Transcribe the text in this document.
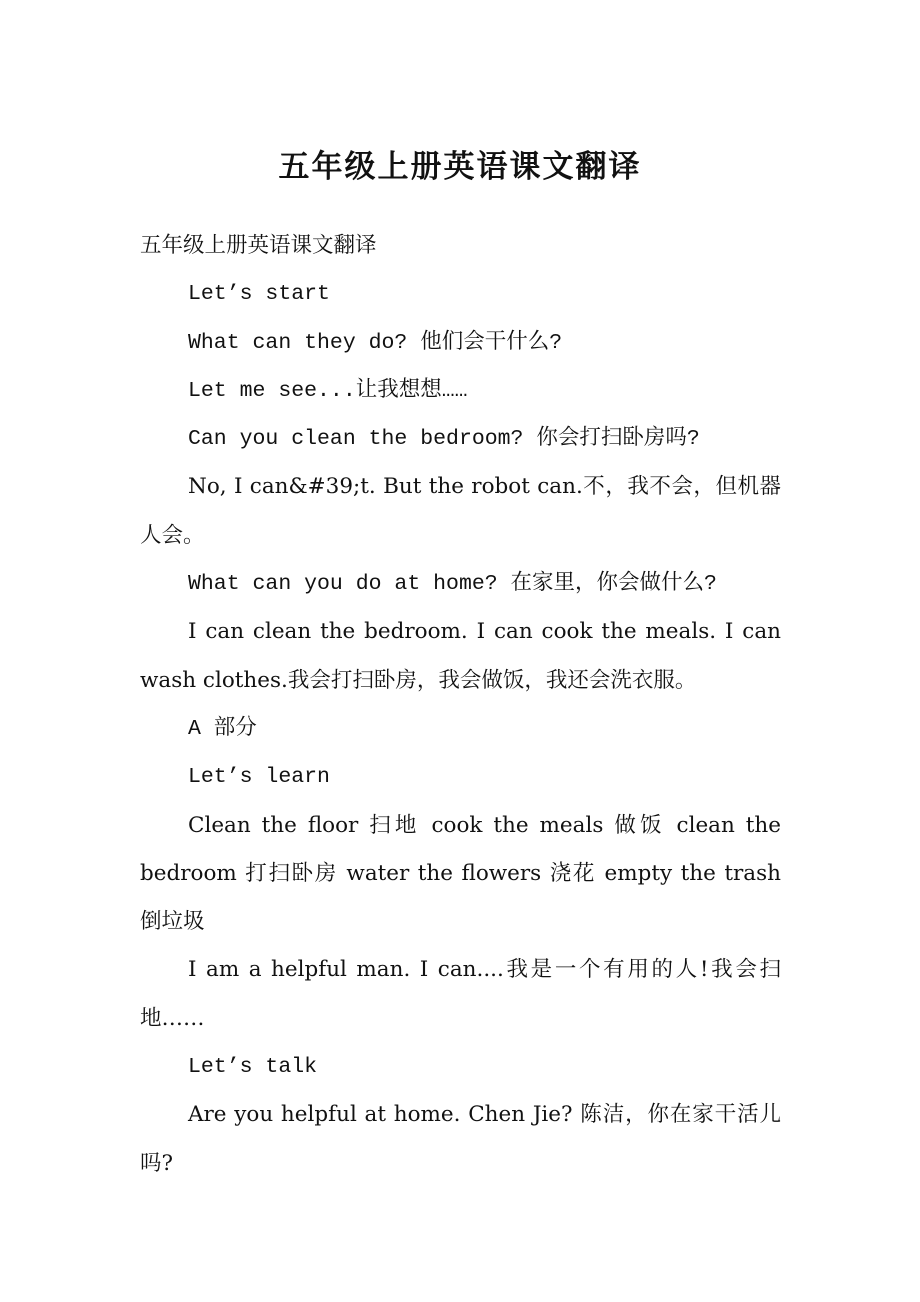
五年级上册英语课文翻译

五年级上册英语课文翻译

Let’s start

What can they do? 他们会干什么?

Let me see...让我想想……

Can you clean the bedroom? 你会打扫卧房吗?

No, I can&#39;t. But the robot can.不，我不会，但机器人会。

What can you do at home? 在家里，你会做什么?

I can clean the bedroom. I can cook the meals. I can wash clothes.我会打扫卧房，我会做饭，我还会洗衣服。

A 部分

Let’s learn

Clean the floor 扫地 cook the meals 做饭 clean the bedroom 打扫卧房 water the flowers 浇花 empty the trash 倒垃圾

I am a helpful man. I can....我是一个有用的人!我会扫地……

Let’s talk

Are you helpful at home. Chen Jie? 陈洁，你在家干活儿吗?
